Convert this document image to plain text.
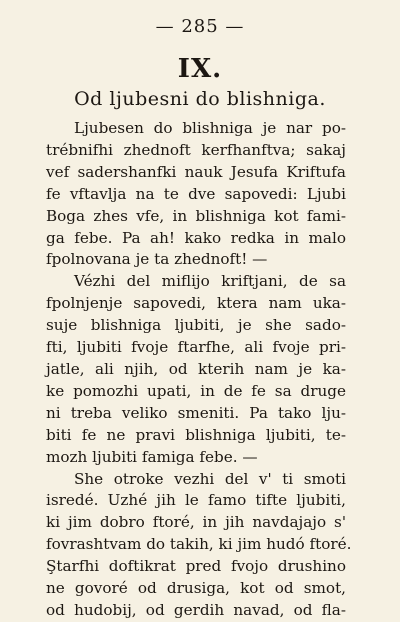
— 285 —
IX.
Od ljubesni do blishniga.
Ljubesen do blishniga je nar po-
trébnifhi zhednoft kerfhanftva; sakaj
vef sadershanfki nauk Jesufa Kriftufa
fe vftavlja na te dve sapovedi: Ljubi
Boga zhes vfe, in blishniga kot fami-
ga febe. Pa ah! kako redka in malo
fpolnovana je ta zhednoft! —
Vézhi del miflijo kriftjani, de sa
fpolnjenje sapovedi, ktera nam uka-
suje blishniga ljubiti, je she sado-
fti, ljubiti fvoje ftarfhe, ali fvoje pri-
jatle, ali njih, od kterih nam je ka-
ke pomozhi upati, in de fe sa druge
ni treba veliko smeniti. Pa tako lju-
biti fe ne pravi blishniga ljubiti, te-
mozh ljubiti famiga febe. —
She otroke vezhi del v' ti smoti
isredé. Uzhé jih le famo tifte ljubiti,
ki jim dobro ftoré, in jih navdajajo s'
fovrashtvam do takih, ki jim hudó ftoré.
Ştarfhi doftikrat pred fvojo drushino
ne govoré od drusiga, kot od smot,
od hudobij, od gerdih navad, od fla-
